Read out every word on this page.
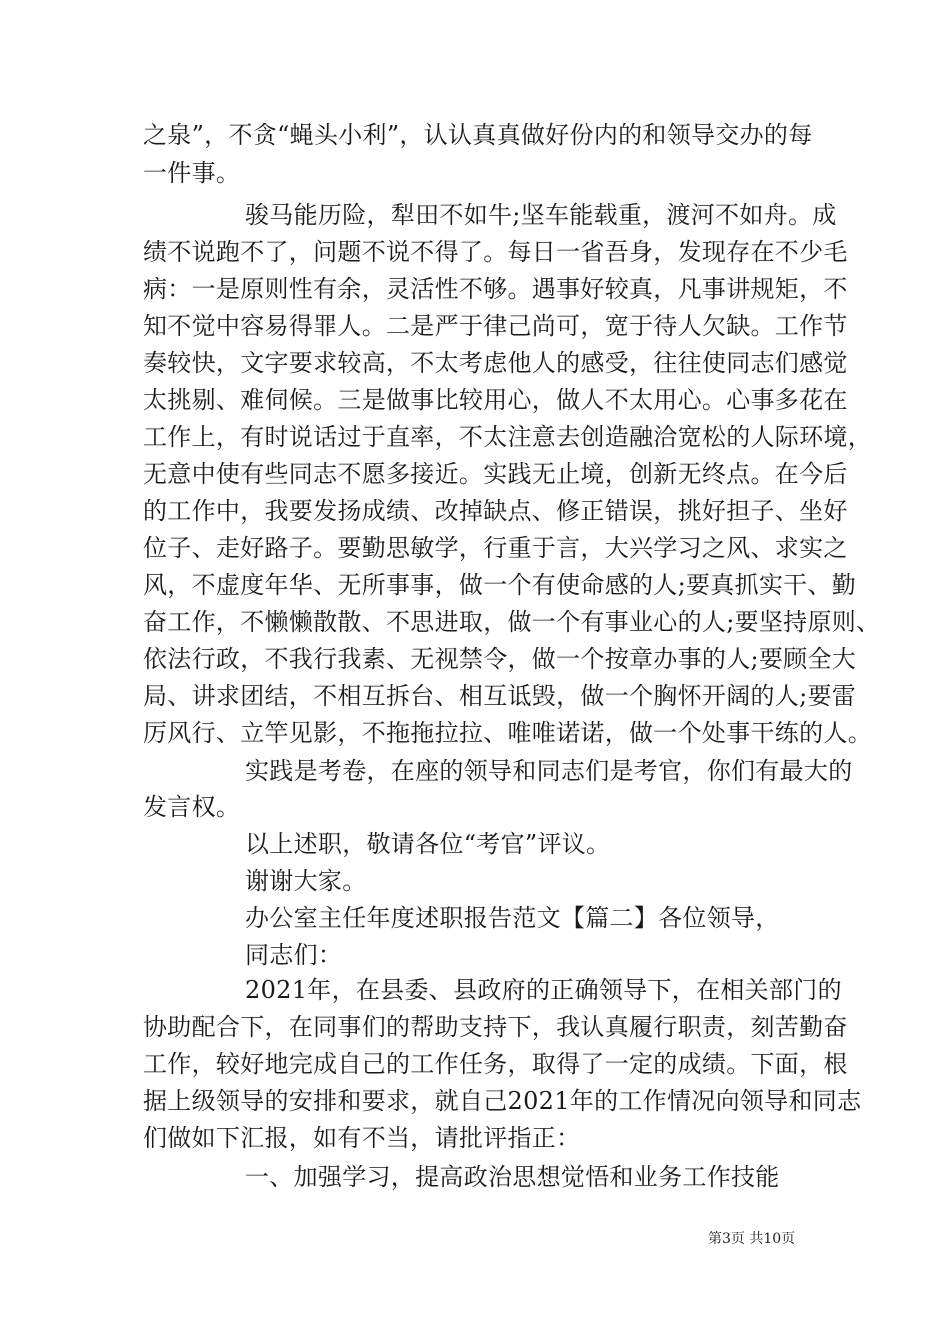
之泉”，不贪“蝇头小利”，认认真真做好份内的和领导交办的每
一件事。
骏马能历险，犁田不如牛;坚车能载重，渡河不如舟。成
绩不说跑不了，问题不说不得了。每日一省吾身，发现存在不少毛
病：一是原则性有余，灵活性不够。遇事好较真，凡事讲规矩，不
知不觉中容易得罪人。二是严于律己尚可，宽于待人欠缺。工作节
奏较快，文字要求较高，不太考虑他人的感受，往往使同志们感觉
太挑剔、难伺候。三是做事比较用心，做人不太用心。心事多花在
工作上，有时说话过于直率，不太注意去创造融洽宽松的人际环境，
无意中使有些同志不愿多接近。实践无止境，创新无终点。在今后
的工作中，我要发扬成绩、改掉缺点、修正错误，挑好担子、坐好
位子、走好路子。要勤思敏学，行重于言，大兴学习之风、求实之
风，不虚度年华、无所事事，做一个有使命感的人;要真抓实干、勤
奋工作，不懒懒散散、不思进取，做一个有事业心的人;要坚持原则、
依法行政，不我行我素、无视禁令，做一个按章办事的人;要顾全大
局、讲求团结，不相互拆台、相互诋毁，做一个胸怀开阔的人;要雷
厉风行、立竿见影，不拖拖拉拉、唯唯诺诺，做一个处事干练的人。
实践是考卷，在座的领导和同志们是考官，你们有最大的
发言权。
以上述职，敬请各位“考官”评议。
谢谢大家。
办公室主任年度述职报告范文【篇二】各位领导，
同志们：
2021年，在县委、县政府的正确领导下，在相关部门的
协助配合下，在同事们的帮助支持下，我认真履行职责，刻苦勤奋
工作，较好地完成自己的工作任务，取得了一定的成绩。下面，根
据上级领导的安排和要求，就自己2021年的工作情况向领导和同志
们做如下汇报，如有不当，请批评指正：
一、加强学习，提高政治思想觉悟和业务工作技能
第3页 共10页
